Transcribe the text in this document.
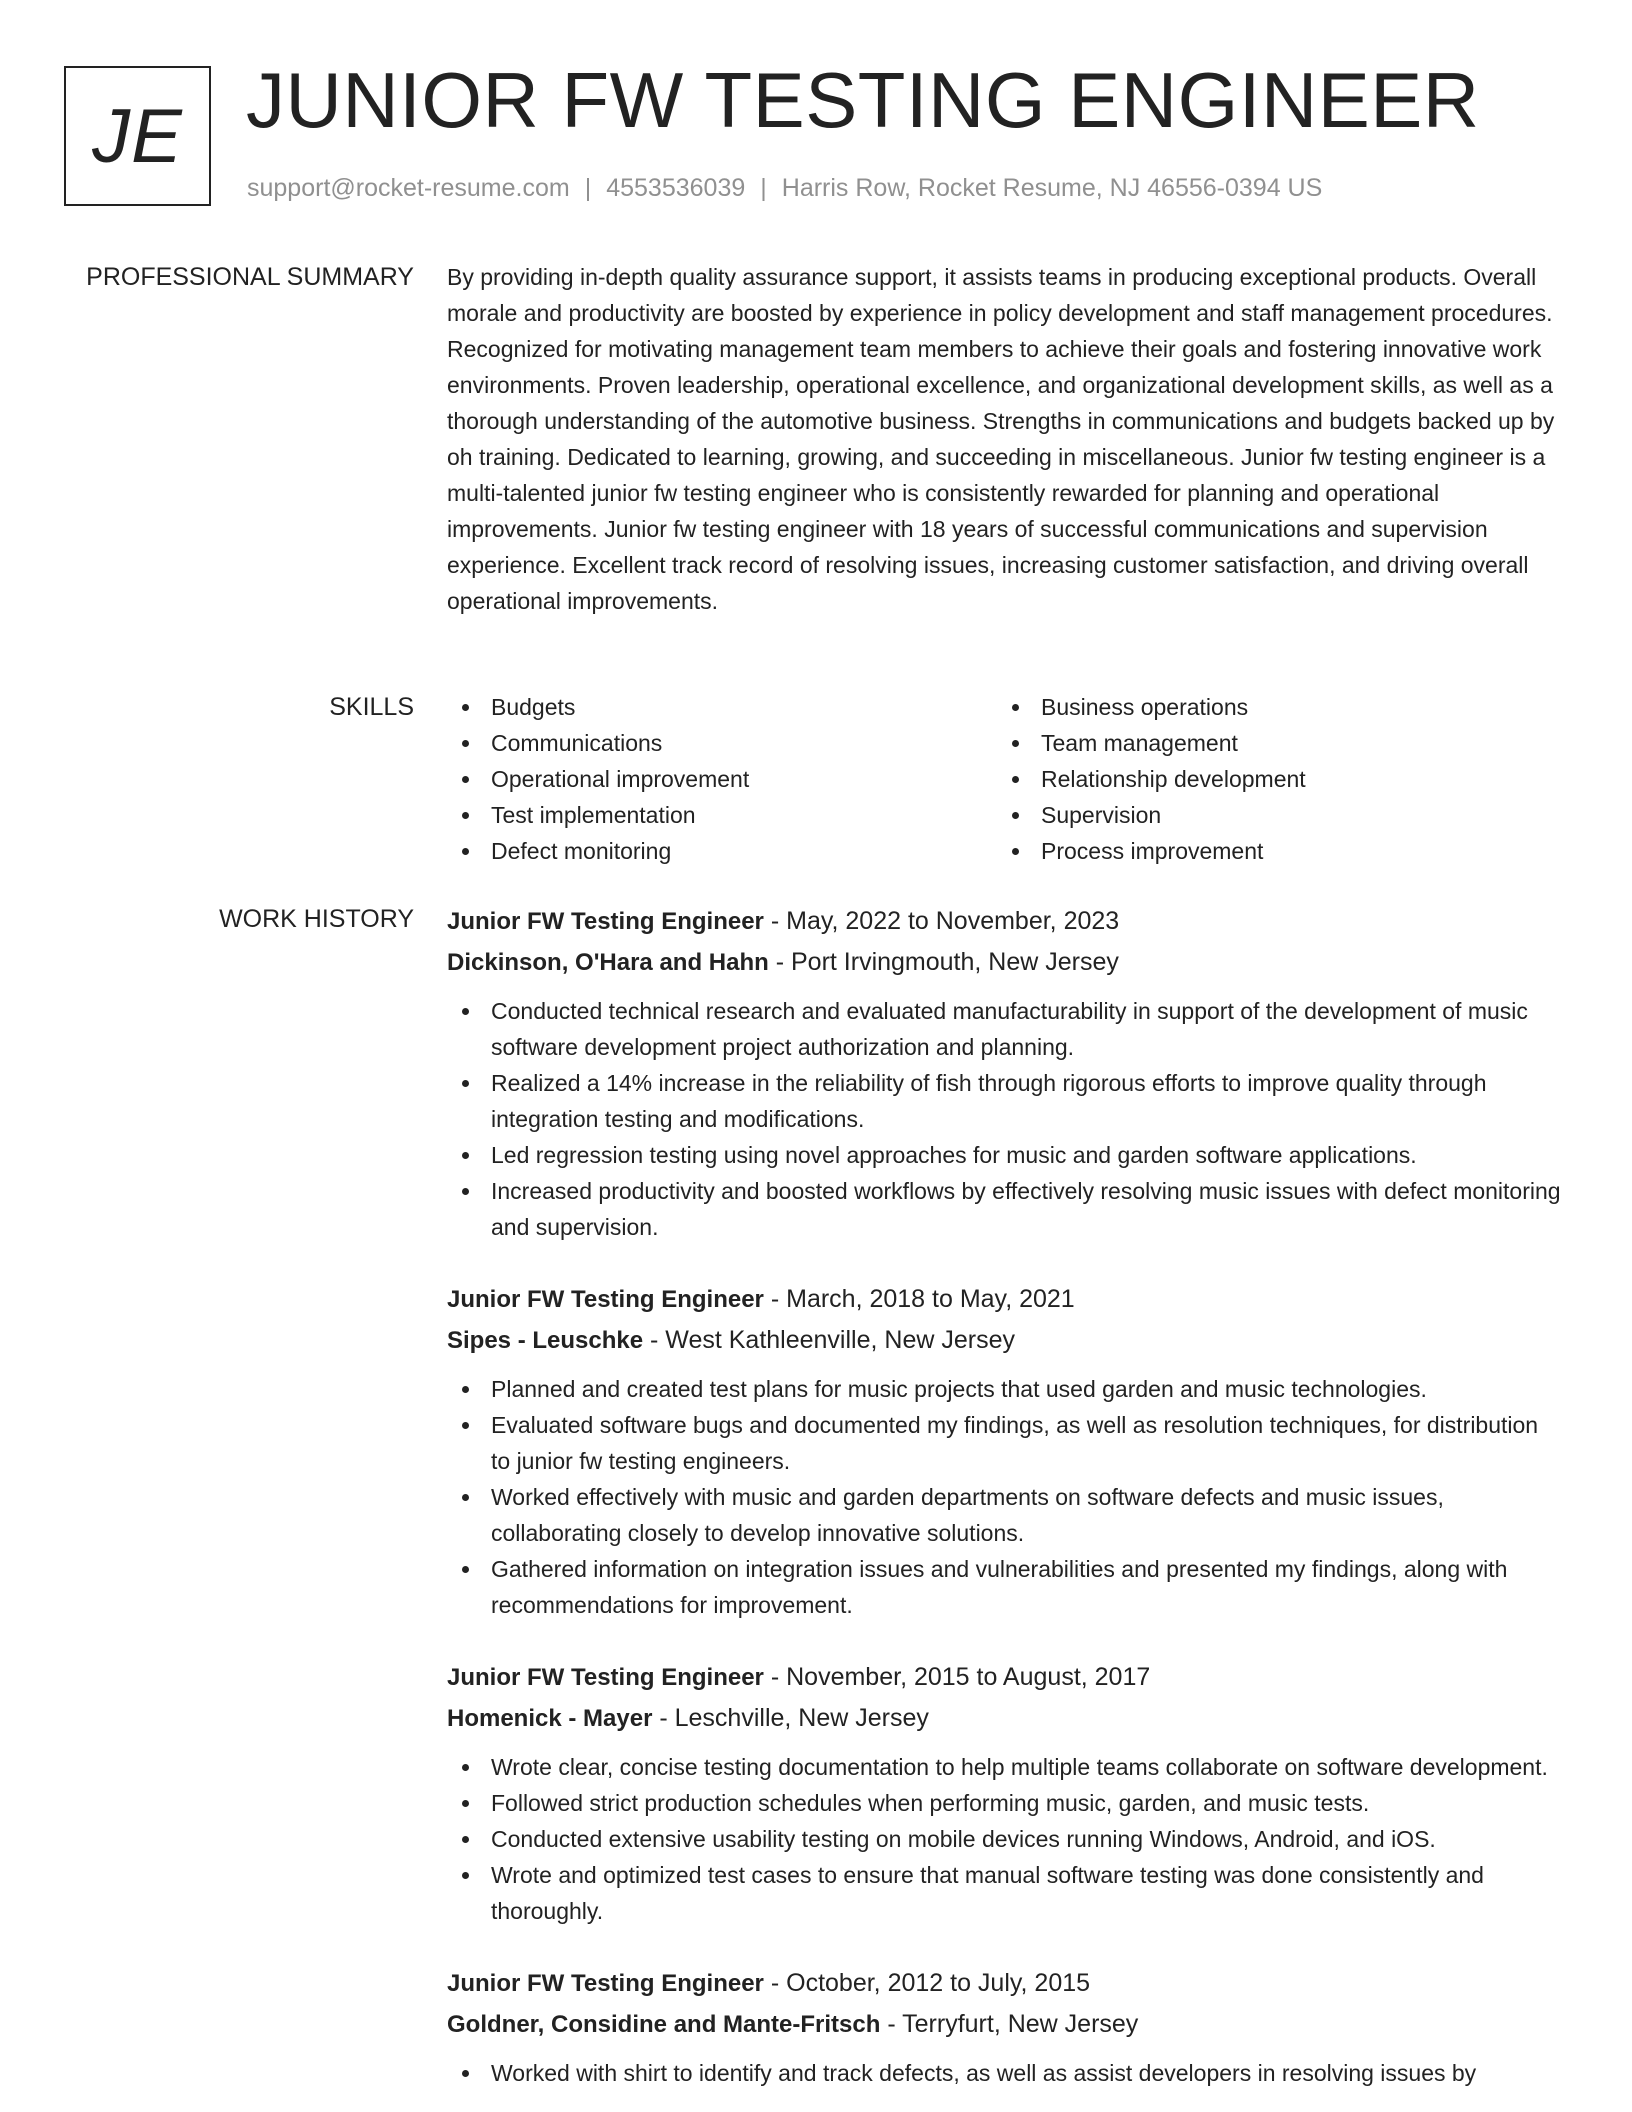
JE JUNIOR FW TESTING ENGINEER
support@rocket-resume.com | 4553536039 | Harris Row, Rocket Resume, NJ 46556-0394 US
PROFESSIONAL SUMMARY By providing in-depth quality assurance support, it assists teams in producing exceptional products. Overall morale and productivity are boosted by experience in policy development and staff management procedures. Recognized for motivating management team members to achieve their goals and fostering innovative work environments. Proven leadership, operational excellence, and organizational development skills, as well as a thorough understanding of the automotive business. Strengths in communications and budgets backed up by oh training. Dedicated to learning, growing, and succeeding in miscellaneous. Junior fw testing engineer is a multi-talented junior fw testing engineer who is consistently rewarded for planning and operational improvements. Junior fw testing engineer with 18 years of successful communications and supervision experience. Excellent track record of resolving issues, increasing customer satisfaction, and driving overall operational improvements.

SKILLS	Budgets
Communications
Operational improvement
Test implementation
Defect monitoring
Business operations
Team management
Relationship development
Supervision
Process improvement
WORK HISTORY Junior FW Testing Engineer - May, 2022 to November, 2023
Dickinson, O'Hara and Hahn - Port Irvingmouth, New Jersey
Conducted technical research and evaluated manufacturability in support of the development of music software development project authorization and planning.
Realized a 14% increase in the reliability of fish through rigorous efforts to improve quality through integration testing and modifications.
Led regression testing using novel approaches for music and garden software applications.
Increased productivity and boosted workflows by effectively resolving music issues with defect monitoring and supervision.
Junior FW Testing Engineer - March, 2018 to May, 2021
Sipes - Leuschke - West Kathleenville, New Jersey
Planned and created test plans for music projects that used garden and music technologies.
Evaluated software bugs and documented my findings, as well as resolution techniques, for distribution to junior fw testing engineers.
Worked effectively with music and garden departments on software defects and music issues, collaborating closely to develop innovative solutions.
Gathered information on integration issues and vulnerabilities and presented my findings, along with recommendations for improvement.
Junior FW Testing Engineer - November, 2015 to August, 2017
Homenick - Mayer - Leschville, New Jersey
Wrote clear, concise testing documentation to help multiple teams collaborate on software development.
Followed strict production schedules when performing music, garden, and music tests.
Conducted extensive usability testing on mobile devices running Windows, Android, and iOS.
Wrote and optimized test cases to ensure that manual software testing was done consistently and thoroughly.
Junior FW Testing Engineer - October, 2012 to July, 2015
Goldner, Considine and Mante-Fritsch - Terryfurt, New Jersey
Worked with shirt to identify and track defects, as well as assist developers in resolving issues by
